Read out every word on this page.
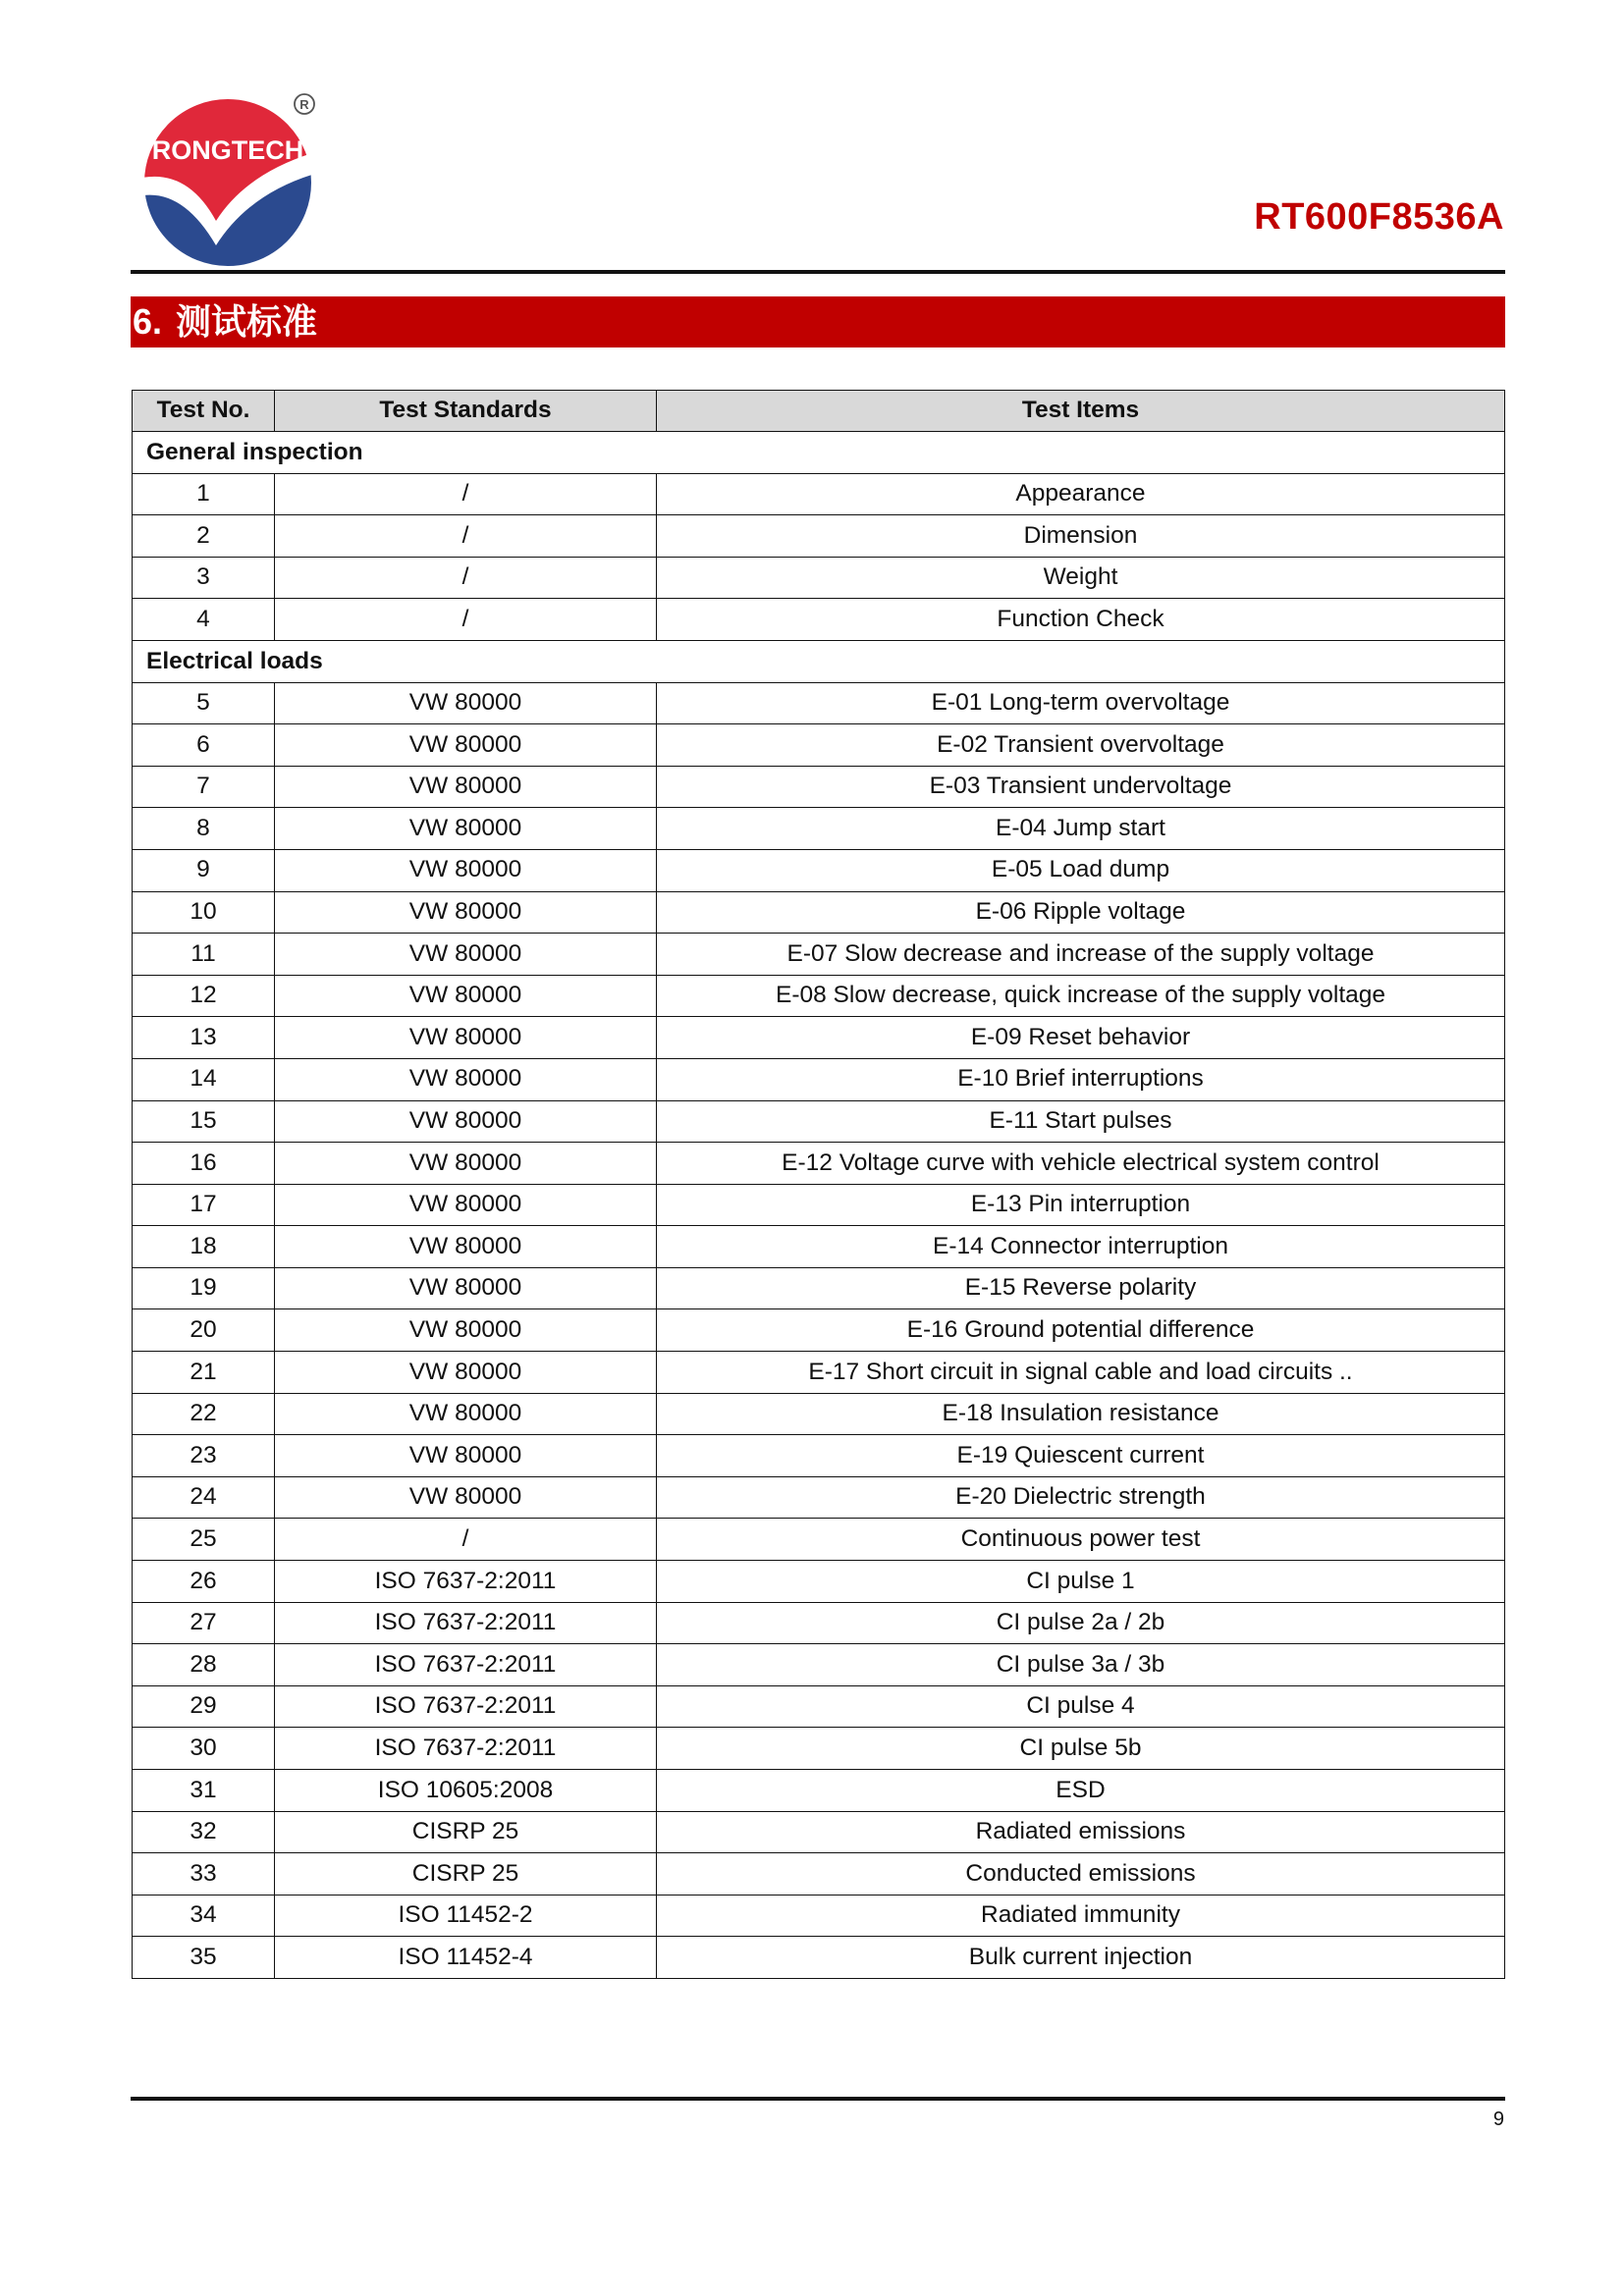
RONGTECH
R
RT600F8536A
6. 测试标准
Test No.	Test Standards	Test Items
General inspection		
1	/	Appearance
2	/	Dimension
3	/	Weight
4	/	Function Check
Electrical loads		
5	VW 80000	E-01 Long-term overvoltage
6	VW 80000	E-02 Transient overvoltage
7	VW 80000	E-03 Transient undervoltage
8	VW 80000	E-04 Jump start
9	VW 80000	E-05 Load dump
10	VW 80000	E-06 Ripple voltage
11	VW 80000	E-07 Slow decrease and increase of the supply voltage
12	VW 80000	E-08 Slow decrease, quick increase of the supply voltage
13	VW 80000	E-09 Reset behavior
14	VW 80000	E-10 Brief interruptions
15	VW 80000	E-11 Start pulses
16	VW 80000	E-12 Voltage curve with vehicle electrical system control
17	VW 80000	E-13 Pin interruption
18	VW 80000	E-14 Connector interruption
19	VW 80000	E-15 Reverse polarity
20	VW 80000	E-16 Ground potential difference
21	VW 80000	E-17 Short circuit in signal cable and load circuits ..
22	VW 80000	E-18 Insulation resistance
23	VW 80000	E-19 Quiescent current
24	VW 80000	E-20 Dielectric strength
25	/	Continuous power test
26	ISO 7637-2:2011	CI pulse 1
27	ISO 7637-2:2011	CI pulse 2a / 2b
28	ISO 7637-2:2011	CI pulse 3a / 3b
29	ISO 7637-2:2011	CI pulse 4
30	ISO 7637-2:2011	CI pulse 5b
31	ISO 10605:2008	ESD
32	CISRP 25	Radiated emissions
33	CISRP 25	Conducted emissions
34	ISO 11452-2	Radiated immunity
35	ISO 11452-4	Bulk current injection
9
